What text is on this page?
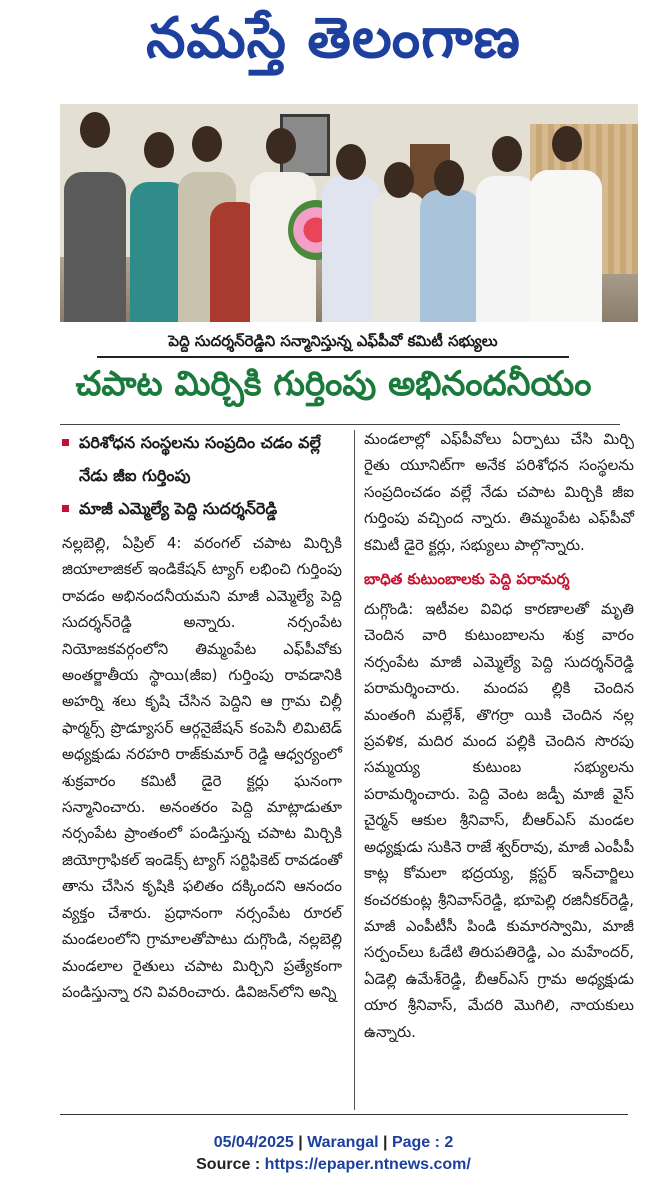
నమస్తే తెలంగాణ
పెద్ది సుదర్శన్‌రెడ్డిని సన్మానిస్తున్న ఎఫ్‌పీవో కమిటీ సభ్యులు
చపాట మిర్చికి గుర్తింపు అభినందనీయం
పరిశోధన సంస్థలను సంప్రదిం చడం వల్లే నేడు జీఐ గుర్తింపు
మాజీ ఎమ్మెల్యే పెద్ది సుదర్శన్‌రెడ్డి
నల్లబెల్లి, ఏప్రిల్ 4: వరంగల్ చపాట మిర్చికి జియాలాజికల్ ఇండికేషన్ ట్యాగ్ లభించి గుర్తింపు రావడం అభినందనీయమని మాజీ ఎమ్మెల్యే పెద్ది సుదర్శన్‌రెడ్డి అన్నారు. నర్సంపేట నియోజకవర్గంలోని తిమ్మంపేట ఎఫ్‌పీవోకు అంతర్జాతీయ స్థాయి(జీఐ) గుర్తింపు రావడానికి అహర్ని శలు కృషి చేసిన పెద్దిని ఆ గ్రామ చిల్లీ ఫార్మర్స్ ప్రొడ్యూసర్ ఆర్గనైజేషన్ కంపెనీ లిమిటెడ్ అధ్యక్షుడు నరహరి రాజ్‌కుమార్ రెడ్డి ఆధ్వర్యంలో శుక్రవారం కమిటీ డైరె క్టర్లు ఘనంగా సన్మానించారు. అనంతరం పెద్ది మాట్లాడుతూ నర్సంపేట ప్రాంతంలో పండిస్తున్న చపాట మిర్చికి జియోగ్రాఫికల్ ఇండెక్స్ ట్యాగ్ సర్టిఫికెట్ రావడంతో తాను చేసిన కృషికి ఫలితం దక్కిందని ఆనందం వ్యక్తం చేశారు. ప్రధానంగా నర్సంపేట రూరల్ మండలంలోని గ్రామాలతోపాటు దుగ్గొండి, నల్లబెల్లి మండలాల రైతులు చపాట మిర్చిని ప్రత్యేకంగా పండిస్తున్నా రని వివరించారు. డివిజన్‌లోని అన్ని
మండలాల్లో ఎఫ్‌పీవోలు ఏర్పాటు చేసి మిర్చి రైతు యూనిట్‌గా అనేక పరిశోధన సంస్థలను సంప్రదించడం వల్లే నేడు చపాట మిర్చికి జీఐ గుర్తింపు వచ్చింద న్నారు. తిమ్మంపేట ఎఫ్‌పీవో కమిటీ డైరె క్టర్లు, సభ్యులు పాల్గొన్నారు.
బాధిత కుటుంబాలకు పెద్ది పరామర్శ
దుగ్గొండి: ఇటీవల వివిధ కారణాలతో మృతి చెందిన వారి కుటుంబాలను శుక్ర వారం నర్సంపేట మాజీ ఎమ్మెల్యే పెద్ది సుదర్శన్‌రెడ్డి పరామర్శించారు. మందప ల్లికి చెందిన మంతంగి మల్లేశ్, తొగర్రా యికి చెందిన నల్ల ప్రవళిక, మదిర మంద పల్లికి చెందిన సొరపు సమ్మయ్య కుటుంబ సభ్యులను పరామర్శించారు. పెద్ది వెంట జడ్పీ మాజీ వైస్ చైర్మన్ ఆకుల శ్రీనివాస్, బీఆర్‌ఎస్ మండల అధ్యక్షుడు సుకినె రాజే శ్వర్‌రావు, మాజీ ఎంపీపీ కాట్ల కోమలా భద్రయ్య, క్లస్టర్ ఇన్‌చార్జిలు కంచరకుంట్ల శ్రీనివాస్‌రెడ్డి, భూపెల్లి రజినీకర్‌రెడ్డి, మాజీ ఎంపీటీసీ పిండి కుమారస్వామి, మాజీ సర్పంచ్‌లు ఓడేటి తిరుపతిరెడ్డి, ఎం మహేందర్, ఏడెల్లి ఉమేశ్‌రెడ్డి, బీఆర్‌ఎస్ గ్రామ అధ్యక్షుడు యార శ్రీనివాస్, మేదరి మొగిలి, నాయకులు ఉన్నారు.
05/04/2025 | Warangal | Page : 2
Source : https://epaper.ntnews.com/
